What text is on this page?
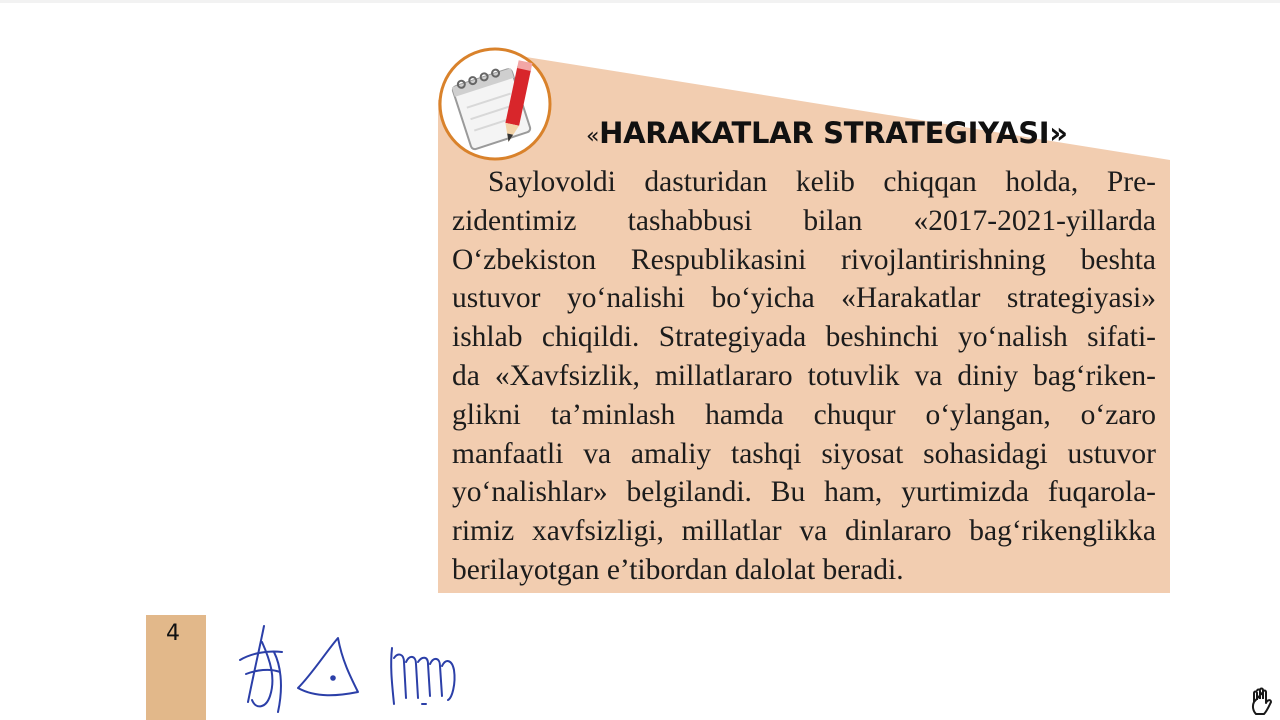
«HARAKATLAR STRATEGIYASI»
Saylovoldi dasturidan kelib chiqqan holda, Pre-
zidentimiz tashabbusi bilan «2017-2021-yillarda
O‘zbekiston Respublikasini rivojlantirishning beshta
ustuvor yo‘nalishi bo‘yicha «Harakatlar strategiyasi»
ishlab chiqildi. Strategiyada beshinchi yo‘nalish sifati-
da «Xavfsizlik, millatlararo totuvlik va diniy bag‘riken-
glikni ta’minlash hamda chuqur o‘ylangan, o‘zaro
manfaatli va amaliy tashqi siyosat sohasidagi ustuvor
yo‘nalishlar» belgilandi. Bu ham, yurtimizda fuqarola-
rimiz xavfsizligi, millatlar va dinlararo bag‘rikenglikka
berilayotgan e’tibordan dalolat beradi.
4
